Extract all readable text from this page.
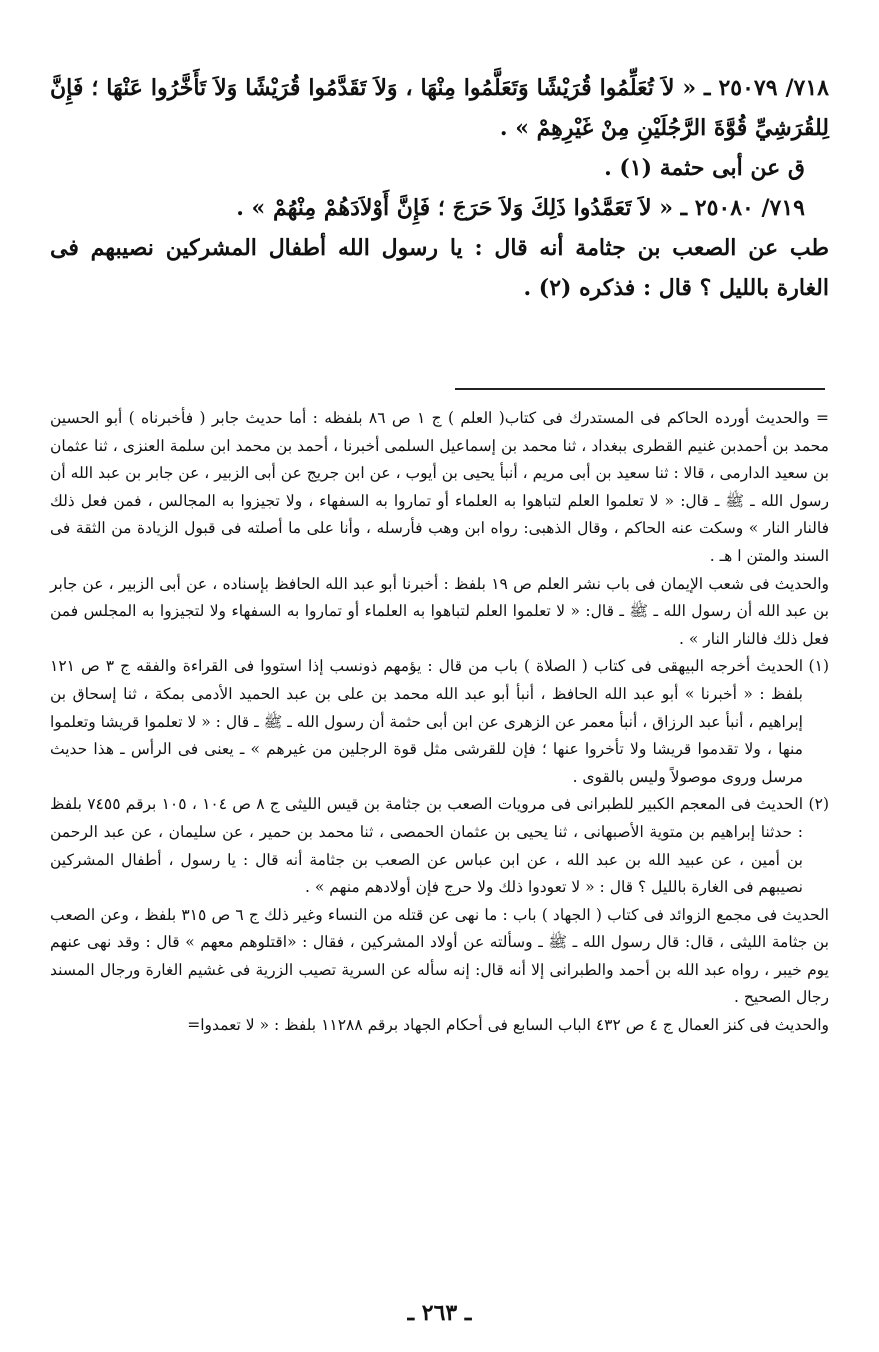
٧١٨/ ٢٥٠٧٩ ـ « لاَ تُعَلِّمُوا قُرَيْشًا وَتَعَلَّمُوا مِنْهَا ، وَلاَ تَقَدَّمُوا قُرَيْشًا وَلاَ تَأَخَّرُوا عَنْهَا ؛ فَإِنَّ لِلقُرَشِيِّ قُوَّةَ الرَّجُلَيْنِ مِنْ غَيْرِهِمْ » .

ق عن أبى حثمة (١) .

٧١٩/ ٢٥٠٨٠ ـ « لاَ تَعَمَّدُوا ذَلِكَ وَلاَ حَرَجَ ؛ فَإِنَّ أَوْلاَدَهُمْ مِنْهُمْ » .

طب عن الصعب بن جثامة أنه قال : يا رسول الله أطفال المشركين نصيبهم فى الغارة بالليل ؟ قال : فذكره (٢) .

= والحديث أورده الحاكم فى المستدرك فى كتاب( العلم ) ج ١ ص ٨٦ بلفظه : أما حديث جابر ( فأخبرناه ) أبو الحسين محمد بن أحمدبن غنيم القطرى ببغداد ، ثنا محمد بن إسماعيل السلمى أخبرنا ، أحمد بن محمد ابن سلمة العنزى ، ثنا عثمان بن سعيد الدارمى ، قالا : ثنا سعيد بن أبى مريم ، أنبأ يحيى بن أيوب ، عن ابن جريج عن أبى الزبير ، عن جابر بن عبد الله أن رسول الله ـ ﷺ ـ قال: « لا تعلموا العلم لتباهوا به العلماء أو تماروا به السفهاء ، ولا تجيزوا به المجالس ، فمن فعل ذلك فالنار النار » وسكت عنه الحاكم ، وقال الذهبى: رواه ابن وهب فأرسله ، وأنا على ما أصلته فى قبول الزيادة من الثقة فى السند والمتن ا هـ .

والحديث فى شعب الإيمان فى باب نشر العلم ص ١٩ بلفظ : أخبرنا أبو عبد الله الحافظ بإسناده ، عن أبى الزبير ، عن جابر بن عبد الله أن رسول الله ـ ﷺ ـ قال: « لا تعلموا العلم لتباهوا به العلماء أو تماروا به السفهاء ولا لتجيزوا به المجلس فمن فعل ذلك فالنار النار » .

(١)
الحديث أخرجه البيهقى فى كتاب ( الصلاة ) باب من قال : يؤمهم ذونسب إذا استووا فى القراءة والفقه ج ٣ ص ١٢١ بلفظ : « أخبرنا » أبو عبد الله الحافظ ، أنبأ أبو عبد الله محمد بن على بن عبد الحميد الأدمى بمكة ، ثنا إسحاق بن إبراهيم ، أنبأ عبد الرزاق ، أنبأ معمر عن الزهرى عن ابن أبى حثمة أن رسول الله ـ ﷺ ـ قال : « لا تعلموا قريشا وتعلموا منها ، ولا تقدموا قريشا ولا تأخروا عنها ؛ فإن للقرشى مثل قوة الرجلين من غيرهم » ـ يعنى فى الرأس ـ هذا حديث مرسل وروى موصولاً وليس بالقوى .

(٢)
الحديث فى المعجم الكبير للطبرانى فى مرويات الصعب بن جثامة بن قيس الليثى ج ٨ ص ١٠٤ ، ١٠٥ برقم ٧٤٥٥ بلفظ : حدثنا إبراهيم بن متوية الأصبهانى ، ثنا يحيى بن عثمان الحمصى ، ثنا محمد بن حمير ، عن سليمان ، عن عبد الرحمن بن أمين ، عن عبيد الله بن عبد الله ، عن ابن عباس عن الصعب بن جثامة أنه قال : يا رسول ، أطفال المشركين نصيبهم فى الغارة بالليل ؟ قال : « لا تعودوا ذلك ولا حرج فإن أولادهم منهم » .

الحديث فى مجمع الزوائد فى كتاب ( الجهاد ) باب : ما نهى عن قتله من النساء وغير ذلك ج ٦ ص ٣١٥ بلفظ ، وعن الصعب بن جثامة الليثى ، قال: قال رسول الله ـ ﷺ ـ وسألته عن أولاد المشركين ، فقال : «اقتلوهم معهم » قال : وقد نهى عنهم يوم خيبر ، رواه عبد الله بن أحمد والطبرانى إلا أنه قال: إنه سأله عن السرية تصيب الزرية فى غشيم الغارة ورجال المسند رجال الصحيح .

والحديث فى كنز العمال ج ٤ ص ٤٣٢ الباب السابع فى أحكام الجهاد برقم ١١٢٨٨ بلفظ : « لا تعمدوا=

ـ ٢٦٣ ـ
